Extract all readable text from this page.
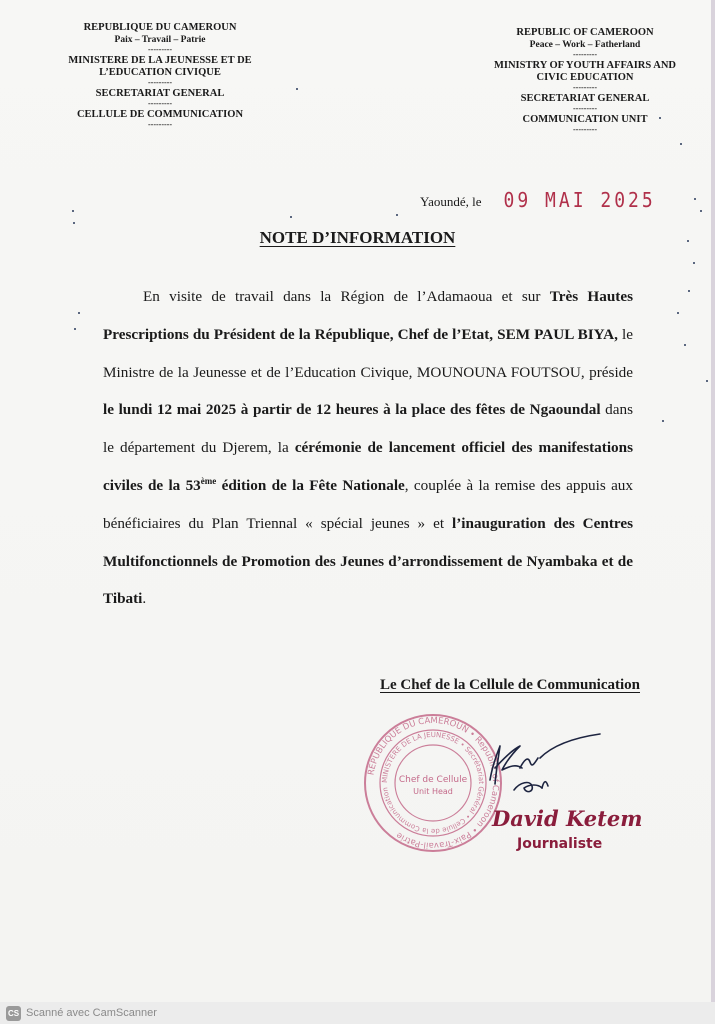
REPUBLIQUE DU CAMEROUN
Paix – Travail – Patrie
---------
MINISTERE DE LA JEUNESSE ET DE
L’EDUCATION CIVIQUE
---------
SECRETARIAT GENERAL
---------
CELLULE DE COMMUNICATION
---------
REPUBLIC OF CAMEROON
Peace – Work – Fatherland
---------
MINISTRY OF YOUTH AFFAIRS AND
CIVIC EDUCATION
---------
SECRETARIAT GENERAL
---------
COMMUNICATION UNIT
---------
Yaoundé, le 09 MAI 2025
NOTE D’INFORMATION

En visite de travail dans la Région de l’Adamaoua et sur Très Hautes Prescriptions du Président de la République, Chef de l’Etat, SEM PAUL BIYA, le Ministre de la Jeunesse et de l’Education Civique, MOUNOUNA FOUTSOU, préside le lundi 12 mai 2025 à partir de 12 heures à la place des fêtes de Ngaoundal dans le département du Djerem, la cérémonie de lancement officiel des manifestations civiles de la 53ème édition de la Fête Nationale, couplée à la remise des appuis aux bénéficiaires du Plan Triennal « spécial jeunes » et l’inauguration des Centres Multifonctionnels de Promotion des Jeunes d’arrondissement de Nyambaka et de Tibati.

Le Chef de la Cellule de Communication
REPUBLIQUE DU CAMEROUN • Republic of Cameroon • Paix-Travail-Patrie
MINISTERE DE LA JEUNESSE • Secrétariat Général • Cellule de la Communication
Chef de Cellule
Unit Head
David Ketem
Journaliste
CS Scanné avec CamScanner
